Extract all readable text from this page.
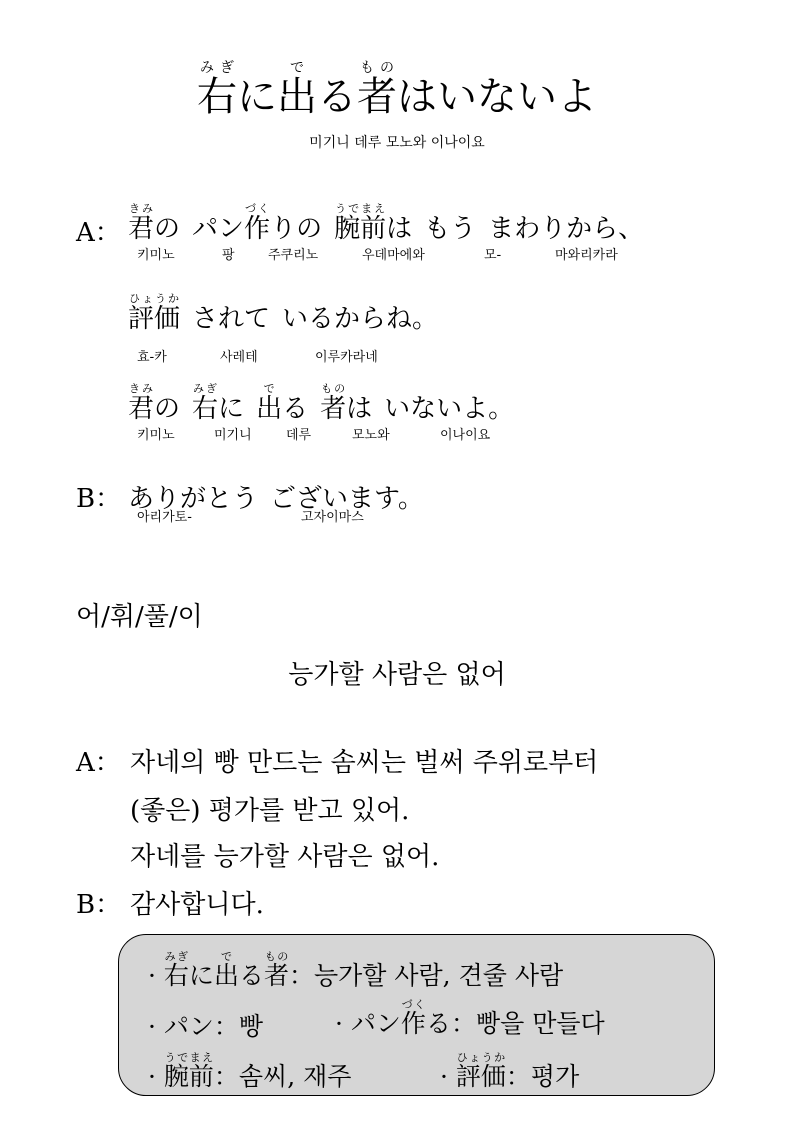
右みぎに出でる者ものはいないよ
미기니 데루 모노와 이나이요
A： 君きみの パン作づくりの 腕前うでまえは もう まわりから、
키미노	팡	주쿠리노	우데마에와	모-	마와리카라
評価ひょうかされて いるからね。
효-카	사레테	이루카라네
君きみの 右みぎに 出でる 者ものは いないよ。
키미노	미기니	데루	모노와	이나이요
B： ありがとう ございます。
아리가토-	고자이마스
어/휘/풀/이
능가할 사람은 없어
A： 자네의 빵 만드는 솜씨는 벌써 주위로부터
(좋은) 평가를 받고 있어.
자네를 능가할 사람은 없어.
B： 감사합니다.
· 右みぎに出でる者もの：능가할 사람, 견줄 사람
· パン：빵	· パン作づくる：빵을 만들다
· 腕前うでまえ：솜씨, 재주	· 評価ひょうか：평가
